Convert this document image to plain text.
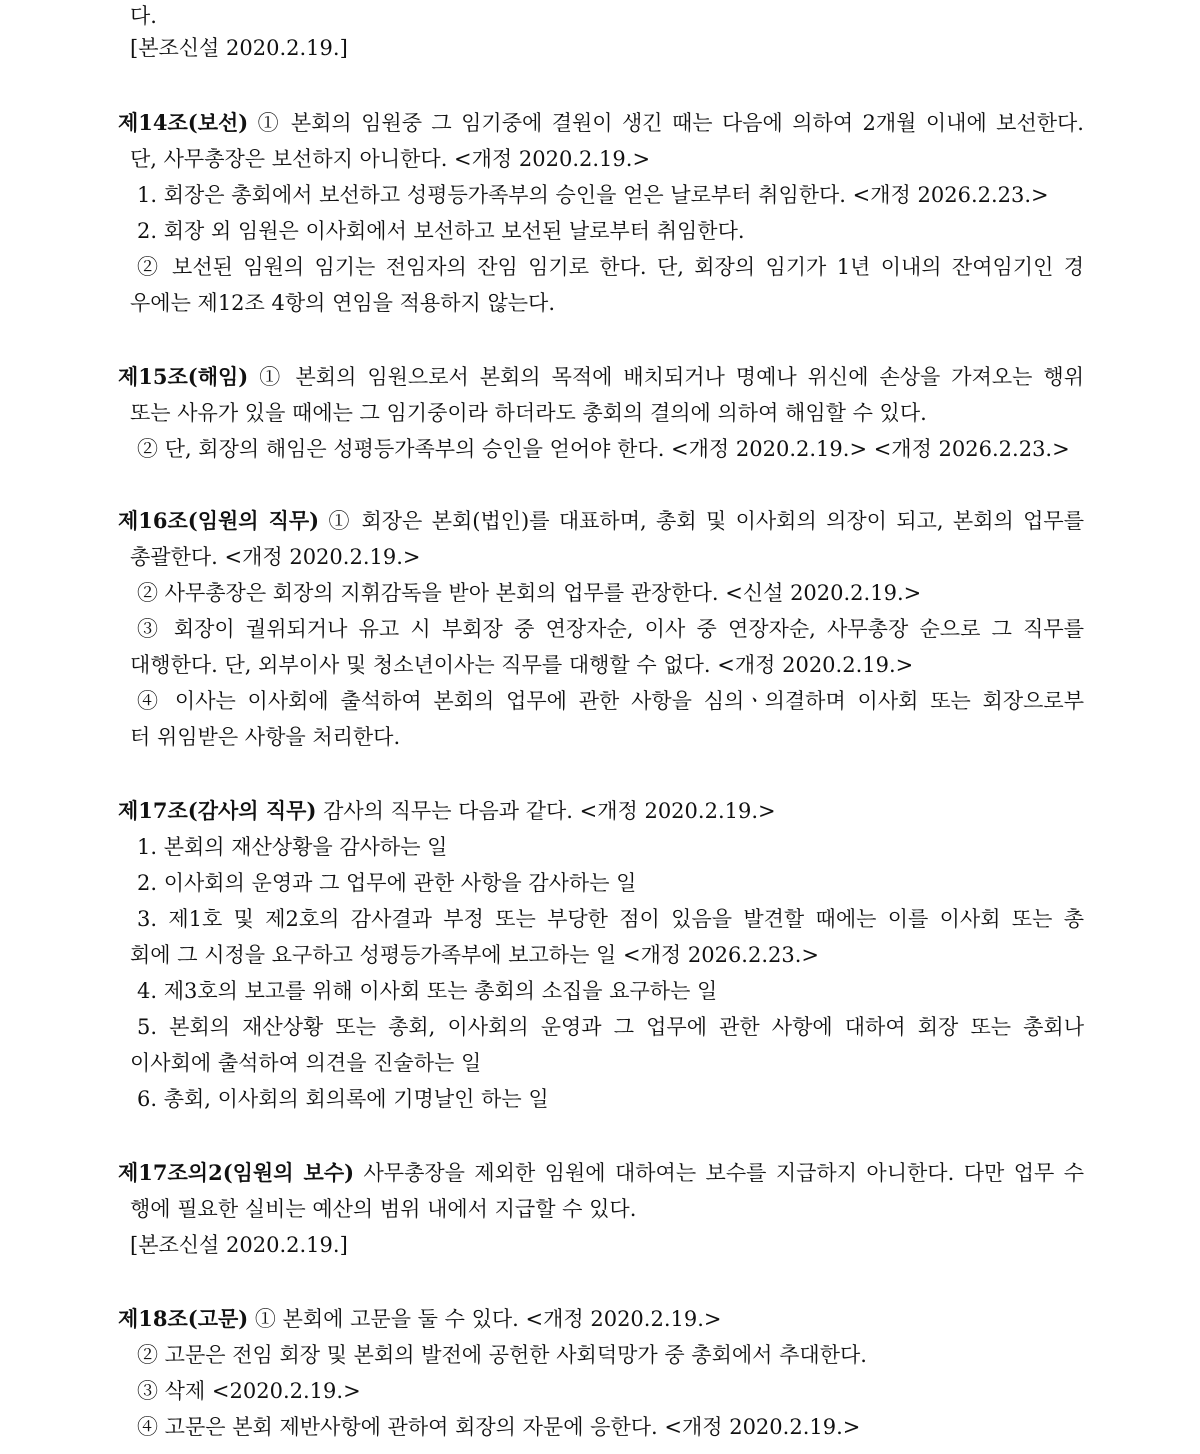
다.
[본조신설 2020.2.19.]
제14조(보선) ① 본회의 임원중 그 임기중에 결원이 생긴 때는 다음에 의하여 2개월 이내에 보선한다.
단, 사무총장은 보선하지 아니한다. <개정 2020.2.19.>
1. 회장은 총회에서 보선하고 성평등가족부의 승인을 얻은 날로부터 취임한다. <개정 2026.2.23.>
2. 회장 외 임원은 이사회에서 보선하고 보선된 날로부터 취임한다.
② 보선된 임원의 임기는 전임자의 잔임 임기로 한다. 단, 회장의 임기가 1년 이내의 잔여임기인 경
우에는 제12조 4항의 연임을 적용하지 않는다.
제15조(해임) ① 본회의 임원으로서 본회의 목적에 배치되거나 명예나 위신에 손상을 가져오는 행위
또는 사유가 있을 때에는 그 임기중이라 하더라도 총회의 결의에 의하여 해임할 수 있다.
② 단, 회장의 해임은 성평등가족부의 승인을 얻어야 한다. <개정 2020.2.19.> <개정 2026.2.23.>
제16조(임원의 직무) ① 회장은 본회(법인)를 대표하며, 총회 및 이사회의 의장이 되고, 본회의 업무를
총괄한다. <개정 2020.2.19.>
② 사무총장은 회장의 지휘감독을 받아 본회의 업무를 관장한다. <신설 2020.2.19.>
③ 회장이 궐위되거나 유고 시 부회장 중 연장자순, 이사 중 연장자순, 사무총장 순으로 그 직무를
대행한다. 단, 외부이사 및 청소년이사는 직무를 대행할 수 없다. <개정 2020.2.19.>
④ 이사는 이사회에 출석하여 본회의 업무에 관한 사항을 심의ㆍ의결하며 이사회 또는 회장으로부
터 위임받은 사항을 처리한다.
제17조(감사의 직무) 감사의 직무는 다음과 같다. <개정 2020.2.19.>
1. 본회의 재산상황을 감사하는 일
2. 이사회의 운영과 그 업무에 관한 사항을 감사하는 일
3. 제1호 및 제2호의 감사결과 부정 또는 부당한 점이 있음을 발견할 때에는 이를 이사회 또는 총
회에 그 시정을 요구하고 성평등가족부에 보고하는 일 <개정 2026.2.23.>
4. 제3호의 보고를 위해 이사회 또는 총회의 소집을 요구하는 일
5. 본회의 재산상황 또는 총회, 이사회의 운영과 그 업무에 관한 사항에 대하여 회장 또는 총회나
이사회에 출석하여 의견을 진술하는 일
6. 총회, 이사회의 회의록에 기명날인 하는 일
제17조의2(임원의 보수) 사무총장을 제외한 임원에 대하여는 보수를 지급하지 아니한다. 다만 업무 수
행에 필요한 실비는 예산의 범위 내에서 지급할 수 있다.
[본조신설 2020.2.19.]
제18조(고문) ① 본회에 고문을 둘 수 있다. <개정 2020.2.19.>
② 고문은 전임 회장 및 본회의 발전에 공헌한 사회덕망가 중 총회에서 추대한다.
③ 삭제 <2020.2.19.>
④ 고문은 본회 제반사항에 관하여 회장의 자문에 응한다. <개정 2020.2.19.>
